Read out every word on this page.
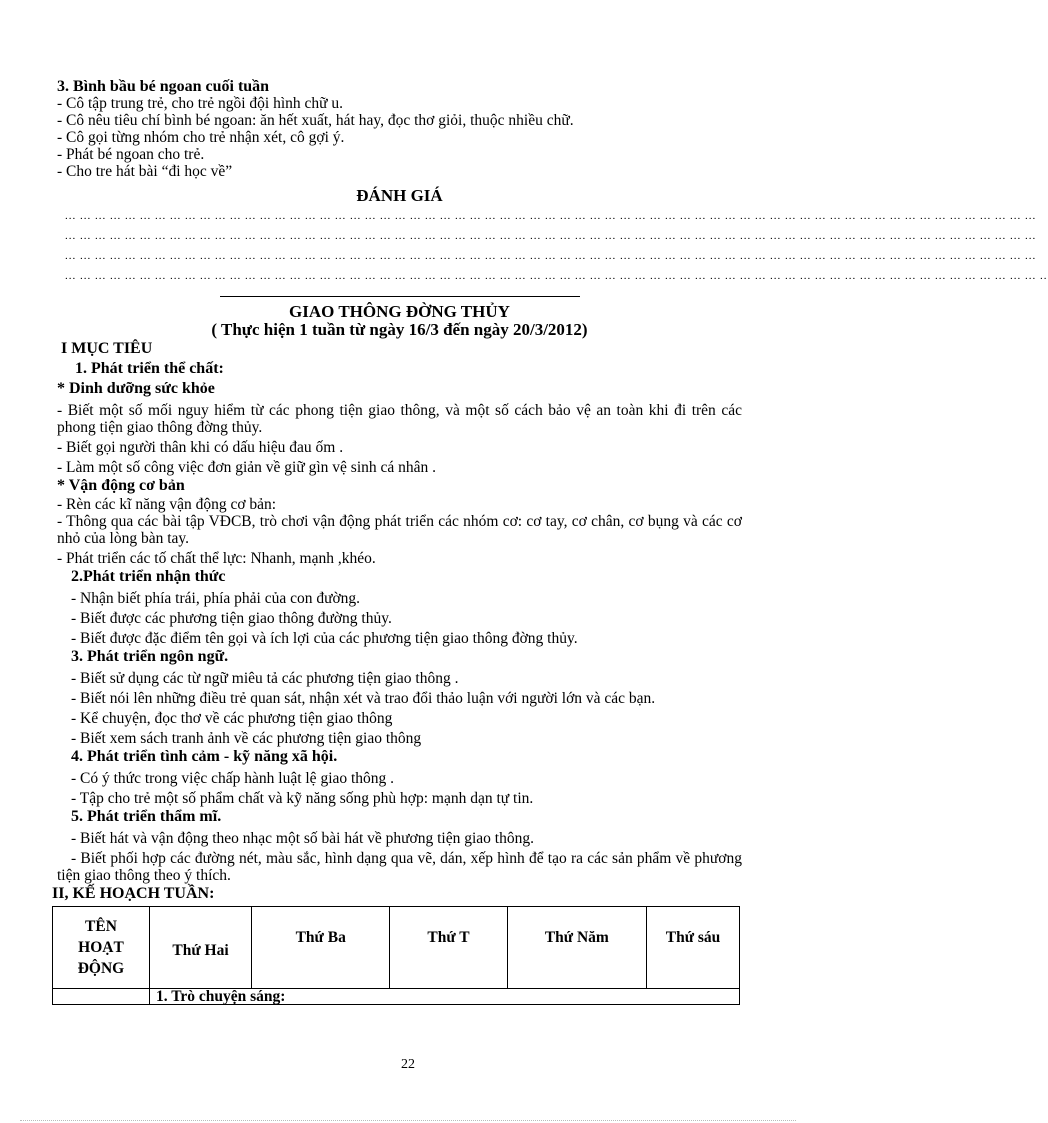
3. Bình bầu bé ngoan cuối tuần
- Cô tập trung trẻ, cho trẻ ngồi đội hình chữ u.
- Cô nêu tiêu chí bình bé ngoan: ăn hết xuất, hát hay, đọc thơ giỏi, thuộc nhiều chữ.
- Cô gọi từng nhóm cho trẻ nhận xét, cô gợi ý.
- Phát bé ngoan cho trẻ.
- Cho tre hát bài “đi học về”
ĐÁNH GIÁ
... ... ... ... ... ... ... ... ... ... ... ... ... ... ... ... ... ... ... ... ... ... ... ... ... ... ... ... ... ... ... ... ... ... ... ... ... ... ... ... ... ... ... ... ... ... ... ... ... ... ... ... ... ... ... ... ... ... ... ... ... ... ... ... ...
... ... ... ... ... ... ... ... ... ... ... ... ... ... ... ... ... ... ... ... ... ... ... ... ... ... ... ... ... ... ... ... ... ... ... ... ... ... ... ... ... ... ... ... ... ... ... ... ... ... ... ... ... ... ... ... ... ... ... ... ... ... ... ... ...
... ... ... ... ... ... ... ... ... ... ... ... ... ... ... ... ... ... ... ... ... ... ... ... ... ... ... ... ... ... ... ... ... ... ... ... ... ... ... ... ... ... ... ... ... ... ... ... ... ... ... ... ... ... ... ... ... ... ... ... ... ... ... ... ...
... ... ... ... ... ... ... ... ... ... ... ... ... ... ... ... ... ... ... ... ... ... ... ... ... ... ... ... ... ... ... ... ... ... ... ... ... ... ... ... ... ... ... ... ... ... ... ... ... ... ... ... ... ... ... ... ... ... ... ... ... ... ... ... ... ..
GIAO THÔNG ĐỜNG THỦY
( Thực hiện 1 tuần từ ngày 16/3 đến ngày 20/3/2012)
I MỤC TIÊU
1. Phát triển thể chất:
* Dinh dưỡng sức khỏe
- Biết một số mối nguy hiểm từ các phong tiện giao thông, và một số cách bảo vệ an toàn khi đi trên các phong tiện giao thông đờng thủy.
- Biết gọi người thân khi có dấu hiệu đau ốm .
- Làm một số công việc đơn giản về giữ gìn vệ sinh cá nhân .
* Vận động cơ bản
- Rèn các kĩ năng vận động cơ bản:
- Thông qua các bài tập VĐCB, trò chơi vận động phát triển các nhóm cơ: cơ tay, cơ chân, cơ bụng và các cơ nhỏ của lòng bàn tay.
- Phát triển các tố chất thể lực: Nhanh, mạnh ,khéo.
2.Phát triển nhận thức
- Nhận biết phía trái, phía phải của con đường.
- Biết được các phương tiện giao thông đường thủy.
- Biết được đặc điểm tên gọi và ích lợi của các phương tiện giao thông đờng thủy.
3. Phát triển ngôn ngữ.
- Biết sử dụng các từ ngữ miêu tả các phương tiện giao thông .
- Biết nói lên những điều trẻ quan sát, nhận xét và trao đổi thảo luận với người lớn và các bạn.
- Kể chuyện, đọc thơ về các phương tiện giao thông
- Biết xem sách tranh ảnh về các phương tiện giao thông
4. Phát triển tình cảm - kỹ năng xã hội.
- Có ý thức trong việc chấp hành luật lệ giao thông .
- Tập cho trẻ một số phẩm chất và kỹ năng sống phù hợp: mạnh dạn tự tin.
5. Phát triển thẩm mĩ.
- Biết hát và vận động theo nhạc một số bài hát về phương tiện giao thông.
- Biết phối hợp các đường nét, màu sắc, hình dạng qua vẽ, dán, xếp hình để tạo ra các sản phẩm về phương tiện giao thông theo ý thích.
II, KẾ HOẠCH TUẦN:
TÊN HOẠT ĐỘNG	Thứ Hai	Thứ Ba	Thứ T	Thứ Năm	Thứ sáu
	1. Trò chuyện sáng:				
22
